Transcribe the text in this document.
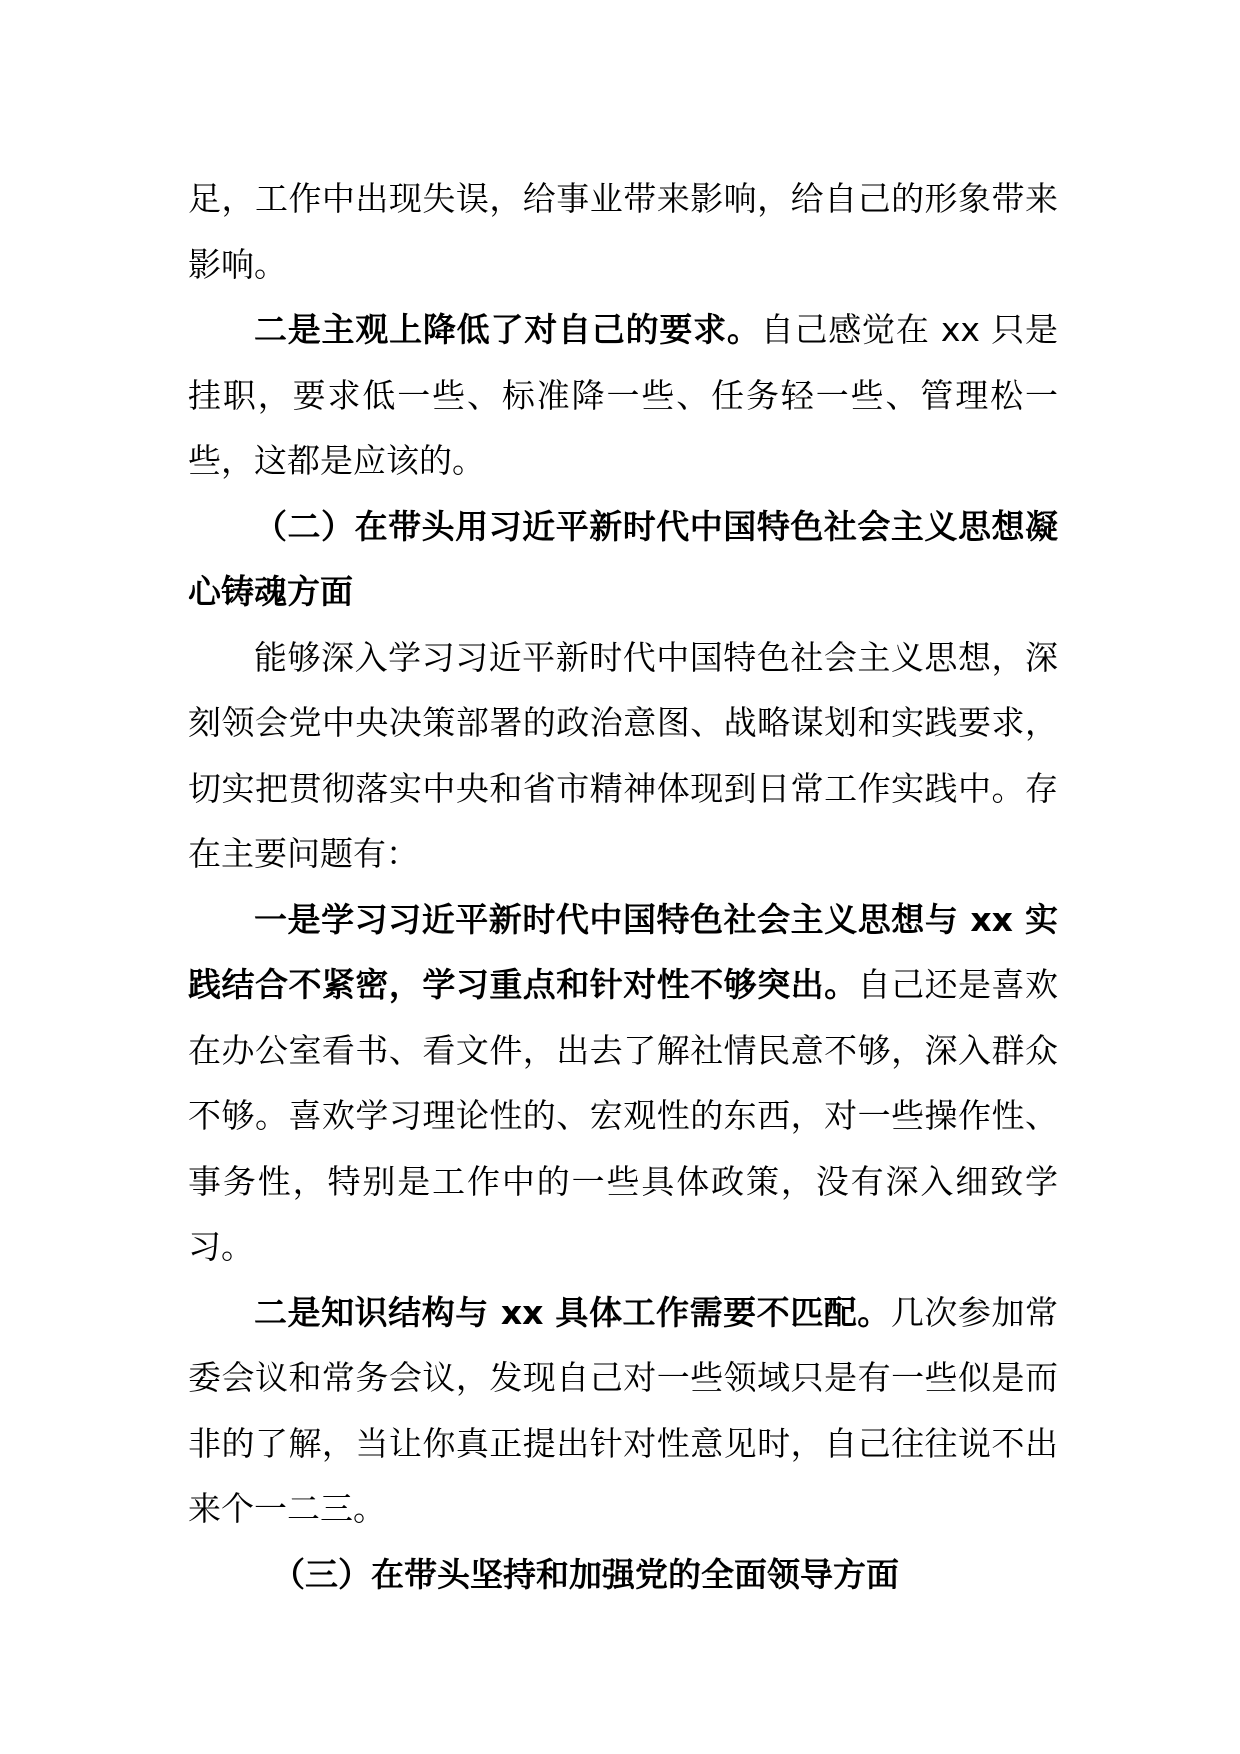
足，工作中出现失误，给事业带来影响，给自己的形象带来影响。

二是主观上降低了对自己的要求。自己感觉在 xx 只是挂职，要求低一些、标准降一些、任务轻一些、管理松一些，这都是应该的。

（二）在带头用习近平新时代中国特色社会主义思想凝心铸魂方面

能够深入学习习近平新时代中国特色社会主义思想，深刻领会党中央决策部署的政治意图、战略谋划和实践要求，切实把贯彻落实中央和省市精神体现到日常工作实践中。存在主要问题有：

一是学习习近平新时代中国特色社会主义思想与 xx 实践结合不紧密，学习重点和针对性不够突出。自己还是喜欢在办公室看书、看文件，出去了解社情民意不够，深入群众不够。喜欢学习理论性的、宏观性的东西，对一些操作性、事务性，特别是工作中的一些具体政策，没有深入细致学习。

二是知识结构与 xx 具体工作需要不匹配。几次参加常委会议和常务会议，发现自己对一些领域只是有一些似是而非的了解，当让你真正提出针对性意见时，自己往往说不出来个一二三。

（三）在带头坚持和加强党的全面领导方面
